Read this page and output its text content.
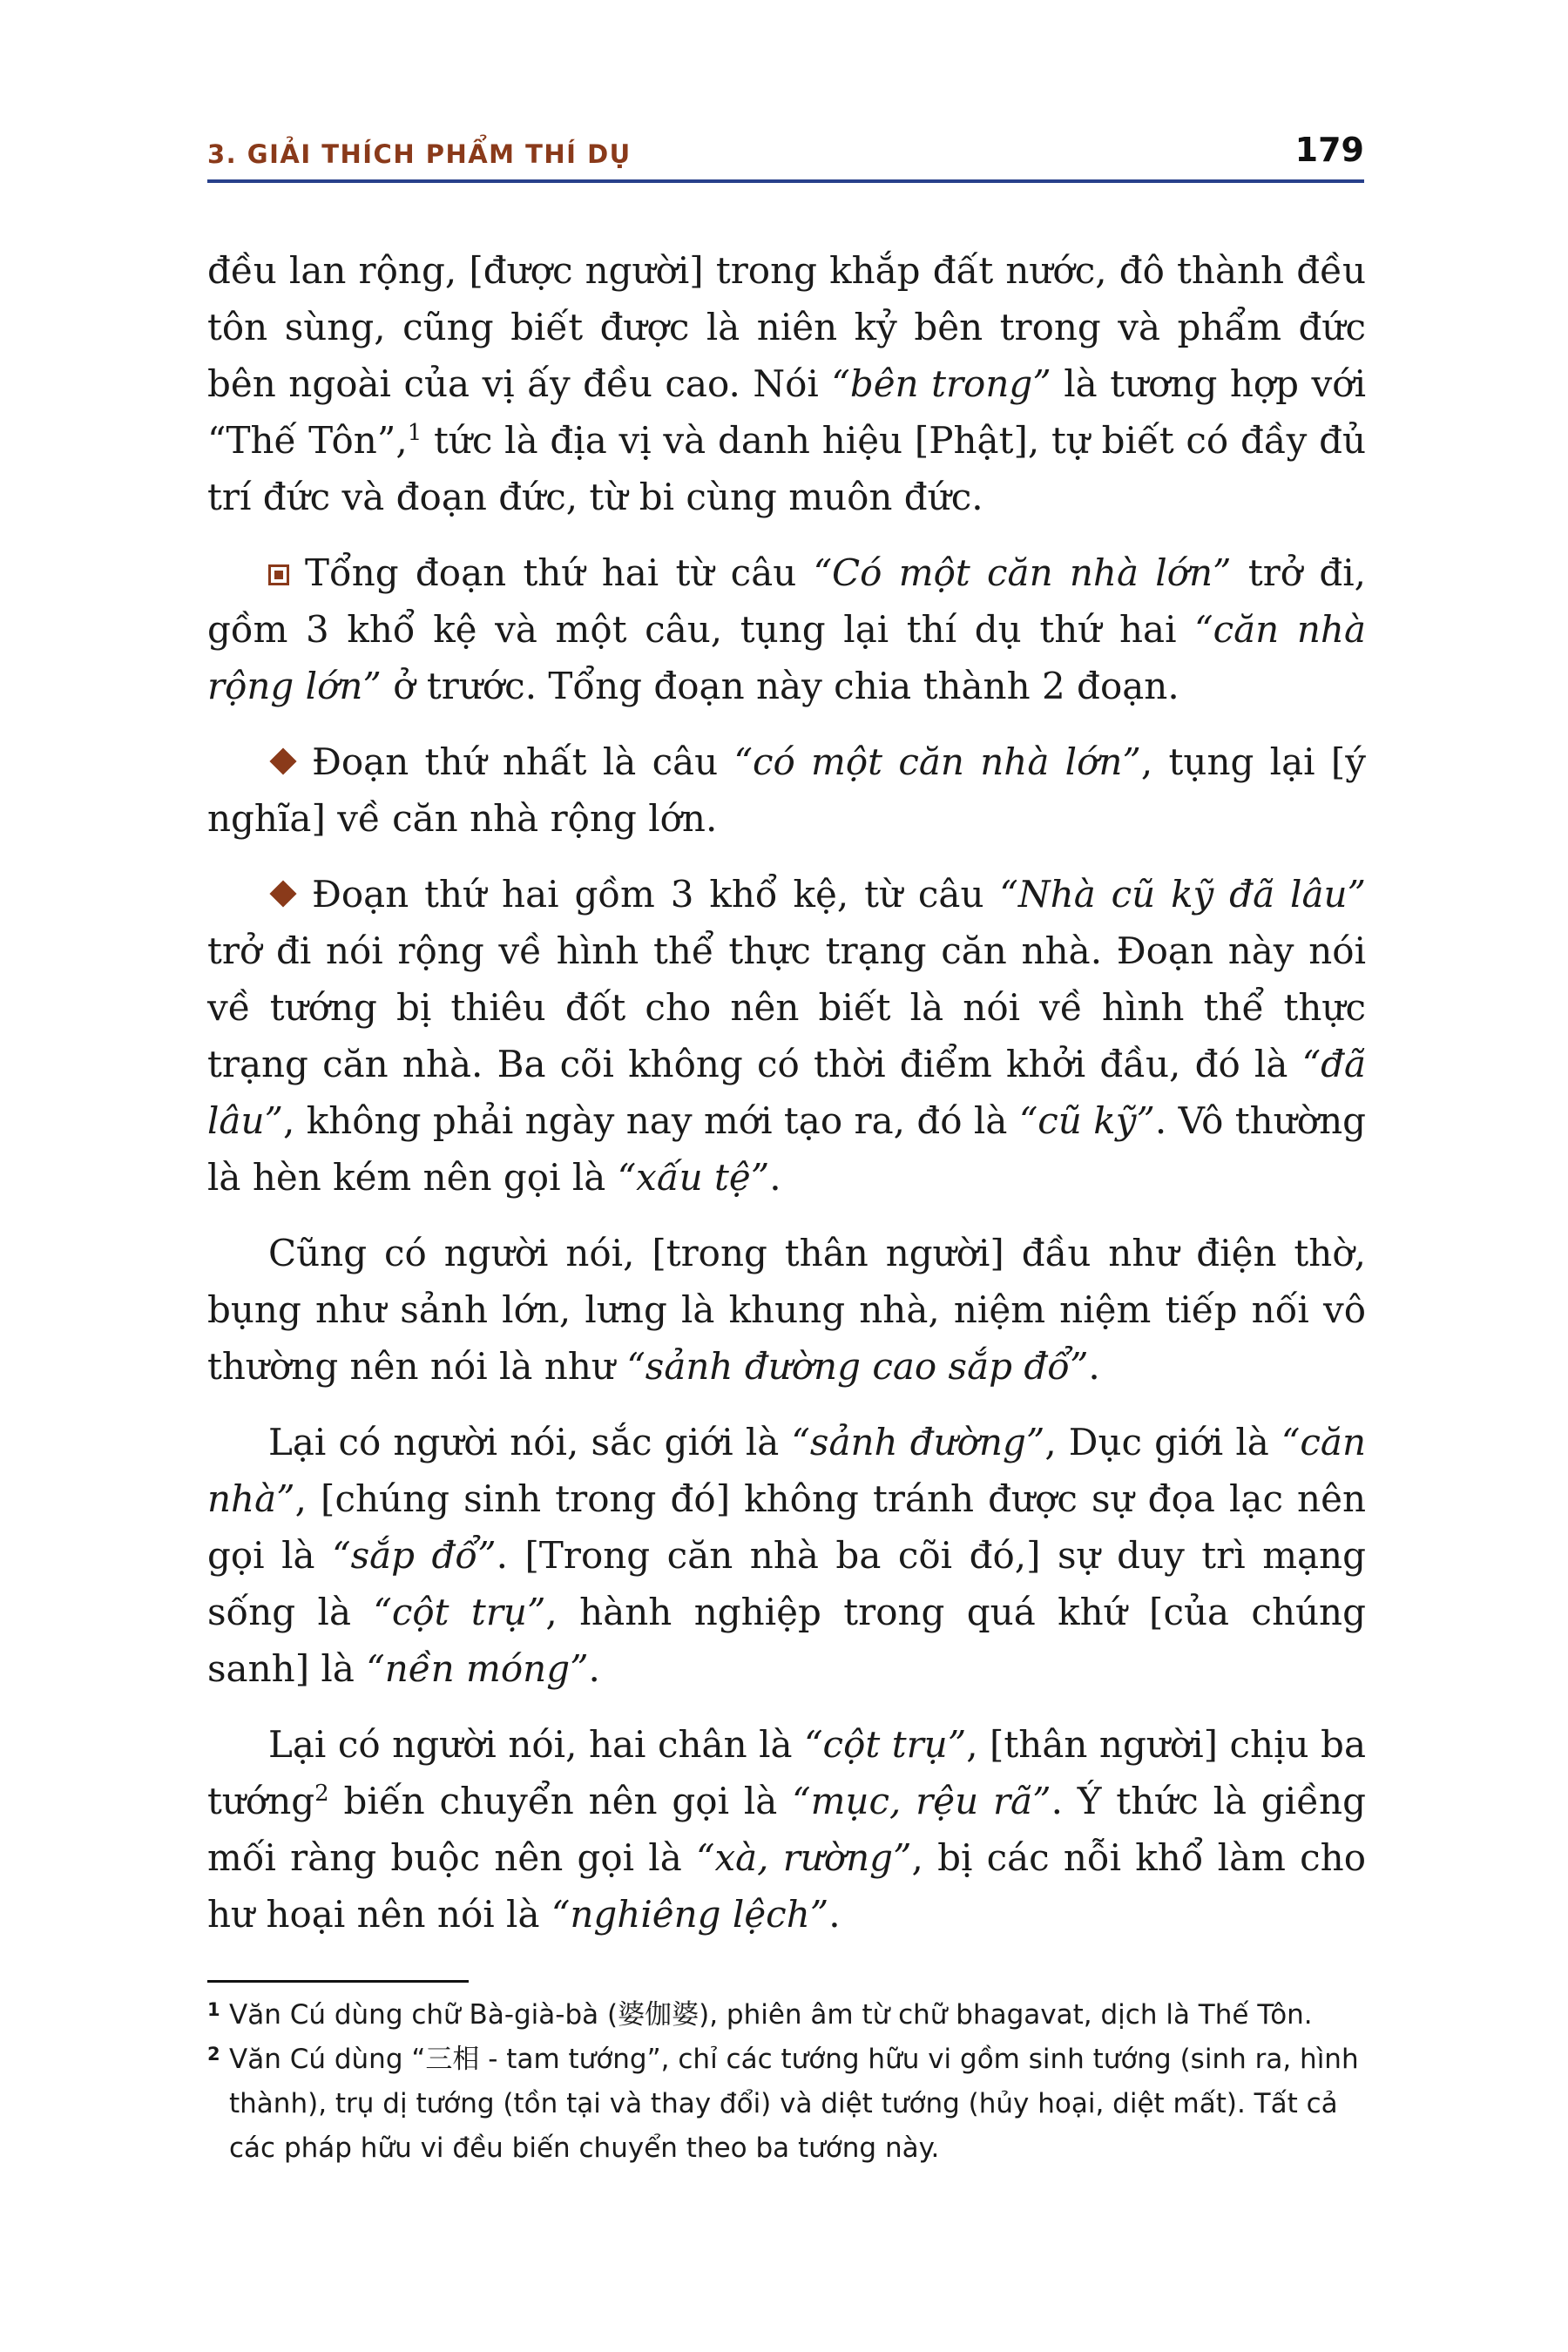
3. GIẢI THÍCH PHẨM THÍ DỤ	179

đều lan rộng, [được người] trong khắp đất nước, đô thành đều tôn sùng, cũng biết được là niên kỷ bên trong và phẩm đức bên ngoài của vị ấy đều cao. Nói “bên trong” là tương hợp với “Thế Tôn”,$^1$ tức là địa vị và danh hiệu [Phật], tự biết có đầy đủ trí đức và đoạn đức, từ bi cùng muôn đức.

Tổng đoạn thứ hai từ câu “Có một căn nhà lớn” trở đi, gồm 3 khổ kệ và một câu, tụng lại thí dụ thứ hai “căn nhà rộng lớn” ở trước. Tổng đoạn này chia thành 2 đoạn.

Đoạn thứ nhất là câu “có một căn nhà lớn”, tụng lại [ý nghĩa] về căn nhà rộng lớn.

Đoạn thứ hai gồm 3 khổ kệ, từ câu “Nhà cũ kỹ đã lâu” trở đi nói rộng về hình thể thực trạng căn nhà. Đoạn này nói về tướng bị thiêu đốt cho nên biết là nói về hình thể thực trạng căn nhà. Ba cõi không có thời điểm khởi đầu, đó là “đã lâu”, không phải ngày nay mới tạo ra, đó là “cũ kỹ”. Vô thường là hèn kém nên gọi là “xấu tệ”.

Cũng có người nói, [trong thân người] đầu như điện thờ, bụng như sảnh lớn, lưng là khung nhà, niệm niệm tiếp nối vô thường nên nói là như “sảnh đường cao sắp đổ”.

Lại có người nói, sắc giới là “sảnh đường”, Dục giới là “căn nhà”, [chúng sinh trong đó] không tránh được sự đọa lạc nên gọi là “sắp đổ”. [Trong căn nhà ba cõi đó,] sự duy trì mạng sống là “cột trụ”, hành nghiệp trong quá khứ [của chúng sanh] là “nền móng”.

Lại có người nói, hai chân là “cột trụ”, [thân người] chịu ba tướng$^2$ biến chuyển nên gọi là “mục, rệu rã”. Ý thức là giềng mối ràng buộc nên gọi là “xà, rường”, bị các nỗi khổ làm cho hư hoại nên nói là “nghiêng lệch”.

1 Văn Cú dùng chữ Bà-già-bà (婆伽婆), phiên âm từ chữ bhagavat, dịch là Thế Tôn.
2 Văn Cú dùng “三相 - tam tướng”, chỉ các tướng hữu vi gồm sinh tướng (sinh ra, hình thành), trụ dị tướng (tồn tại và thay đổi) và diệt tướng (hủy hoại, diệt mất). Tất cả các pháp hữu vi đều biến chuyển theo ba tướng này.
